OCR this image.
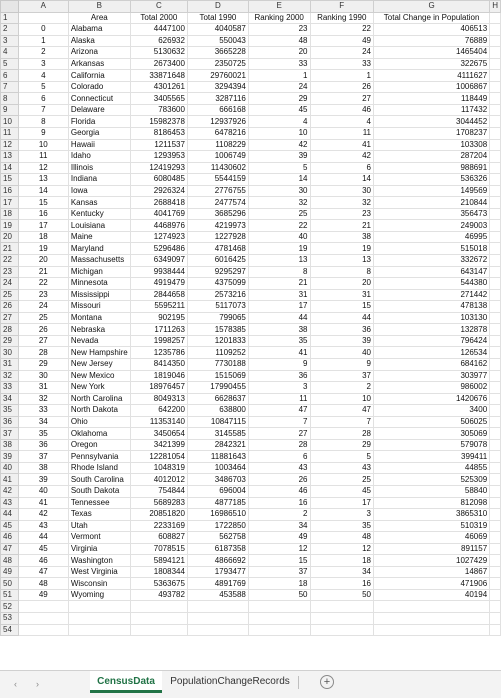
	A	B	C	D	E	F	G	H
1		Area	Total 2000	Total 1990	Ranking 2000	Ranking 1990	Total Change in Population	
2	0	Alabama	4447100	4040587	23	22	406513	
3	1	Alaska	626932	550043	48	49	76889	
4	2	Arizona	5130632	3665228	20	24	1465404	
5	3	Arkansas	2673400	2350725	33	33	322675	
6	4	California	33871648	29760021	1	1	4111627	
7	5	Colorado	4301261	3294394	24	26	1006867	
8	6	Connecticut	3405565	3287116	29	27	118449	
9	7	Delaware	783600	666168	45	46	117432	
10	8	Florida	15982378	12937926	4	4	3044452	
11	9	Georgia	8186453	6478216	10	11	1708237	
12	10	Hawaii	1211537	1108229	42	41	103308	
13	11	Idaho	1293953	1006749	39	42	287204	
14	12	Illinois	12419293	11430602	5	6	988691	
15	13	Indiana	6080485	5544159	14	14	536326	
16	14	Iowa	2926324	2776755	30	30	149569	
17	15	Kansas	2688418	2477574	32	32	210844	
18	16	Kentucky	4041769	3685296	25	23	356473	
19	17	Louisiana	4468976	4219973	22	21	249003	
20	18	Maine	1274923	1227928	40	38	46995	
21	19	Maryland	5296486	4781468	19	19	515018	
22	20	Massachusetts	6349097	6016425	13	13	332672	
23	21	Michigan	9938444	9295297	8	8	643147	
24	22	Minnesota	4919479	4375099	21	20	544380	
25	23	Mississippi	2844658	2573216	31	31	271442	
26	24	Missouri	5595211	5117073	17	15	478138	
27	25	Montana	902195	799065	44	44	103130	
28	26	Nebraska	1711263	1578385	38	36	132878	
29	27	Nevada	1998257	1201833	35	39	796424	
30	28	New Hampshire	1235786	1109252	41	40	126534	
31	29	New Jersey	8414350	7730188	9	9	684162	
32	30	New Mexico	1819046	1515069	36	37	303977	
33	31	New York	18976457	17990455	3	2	986002	
34	32	North Carolina	8049313	6628637	11	10	1420676	
35	33	North Dakota	642200	638800	47	47	3400	
36	34	Ohio	11353140	10847115	7	7	506025	
37	35	Oklahoma	3450654	3145585	27	28	305069	
38	36	Oregon	3421399	2842321	28	29	579078	
39	37	Pennsylvania	12281054	11881643	6	5	399411	
40	38	Rhode Island	1048319	1003464	43	43	44855	
41	39	South Carolina	4012012	3486703	26	25	525309	
42	40	South Dakota	754844	696004	46	45	58840	
43	41	Tennessee	5689283	4877185	16	17	812098	
44	42	Texas	20851820	16986510	2	3	3865310	
45	43	Utah	2233169	1722850	34	35	510319	
46	44	Vermont	608827	562758	49	48	46069	
47	45	Virginia	7078515	6187358	12	12	891157	
48	46	Washington	5894121	4866692	15	18	1027429	
49	47	West Virginia	1808344	1793477	37	34	14867	
50	48	Wisconsin	5363675	4891769	18	16	471906	
51	49	Wyoming	493782	453588	50	50	40194	
52								
53								
54								
‹ ›	CensusData	PopulationChangeRecords	+
